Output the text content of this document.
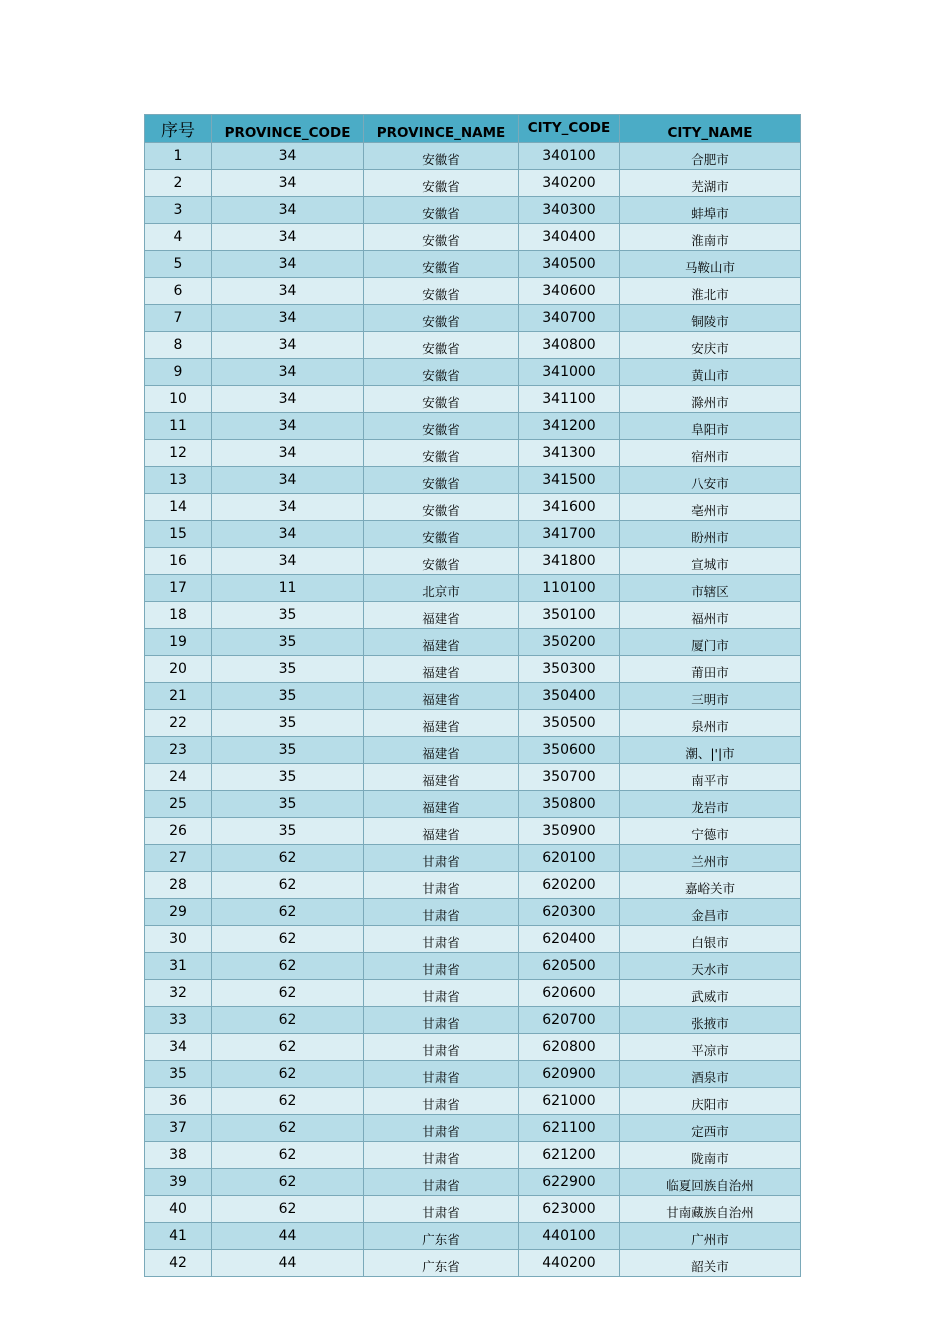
序号	PROVINCE_CODE	PROVINCE_NAME	CITY_CODE	CITY_NAME
1	34	安徽省	340100	合肥市
2	34	安徽省	340200	芜湖市
3	34	安徽省	340300	蚌埠市
4	34	安徽省	340400	淮南市
5	34	安徽省	340500	马鞍山市
6	34	安徽省	340600	淮北市
7	34	安徽省	340700	铜陵市
8	34	安徽省	340800	安庆市
9	34	安徽省	341000	黄山市
10	34	安徽省	341100	滁州市
11	34	安徽省	341200	阜阳市
12	34	安徽省	341300	宿州市
13	34	安徽省	341500	八安市
14	34	安徽省	341600	亳州市
15	34	安徽省	341700	盼州市
16	34	安徽省	341800	宣城市
17	11	北京市	110100	市辖区
18	35	福建省	350100	福州市
19	35	福建省	350200	厦门市
20	35	福建省	350300	莆田市
21	35	福建省	350400	三明市
22	35	福建省	350500	泉州市
23	35	福建省	350600	潮、|'|市
24	35	福建省	350700	南平市
25	35	福建省	350800	龙岩市
26	35	福建省	350900	宁德市
27	62	甘肃省	620100	兰州市
28	62	甘肃省	620200	嘉峪关市
29	62	甘肃省	620300	金昌市
30	62	甘肃省	620400	白银市
31	62	甘肃省	620500	天水市
32	62	甘肃省	620600	武威市
33	62	甘肃省	620700	张掖市
34	62	甘肃省	620800	平凉市
35	62	甘肃省	620900	酒泉市
36	62	甘肃省	621000	庆阳市
37	62	甘肃省	621100	定西市
38	62	甘肃省	621200	陇南市
39	62	甘肃省	622900	临夏回族自治州
40	62	甘肃省	623000	甘南藏族自治州
41	44	广东省	440100	广州市
42	44	广东省	440200	韶关市
